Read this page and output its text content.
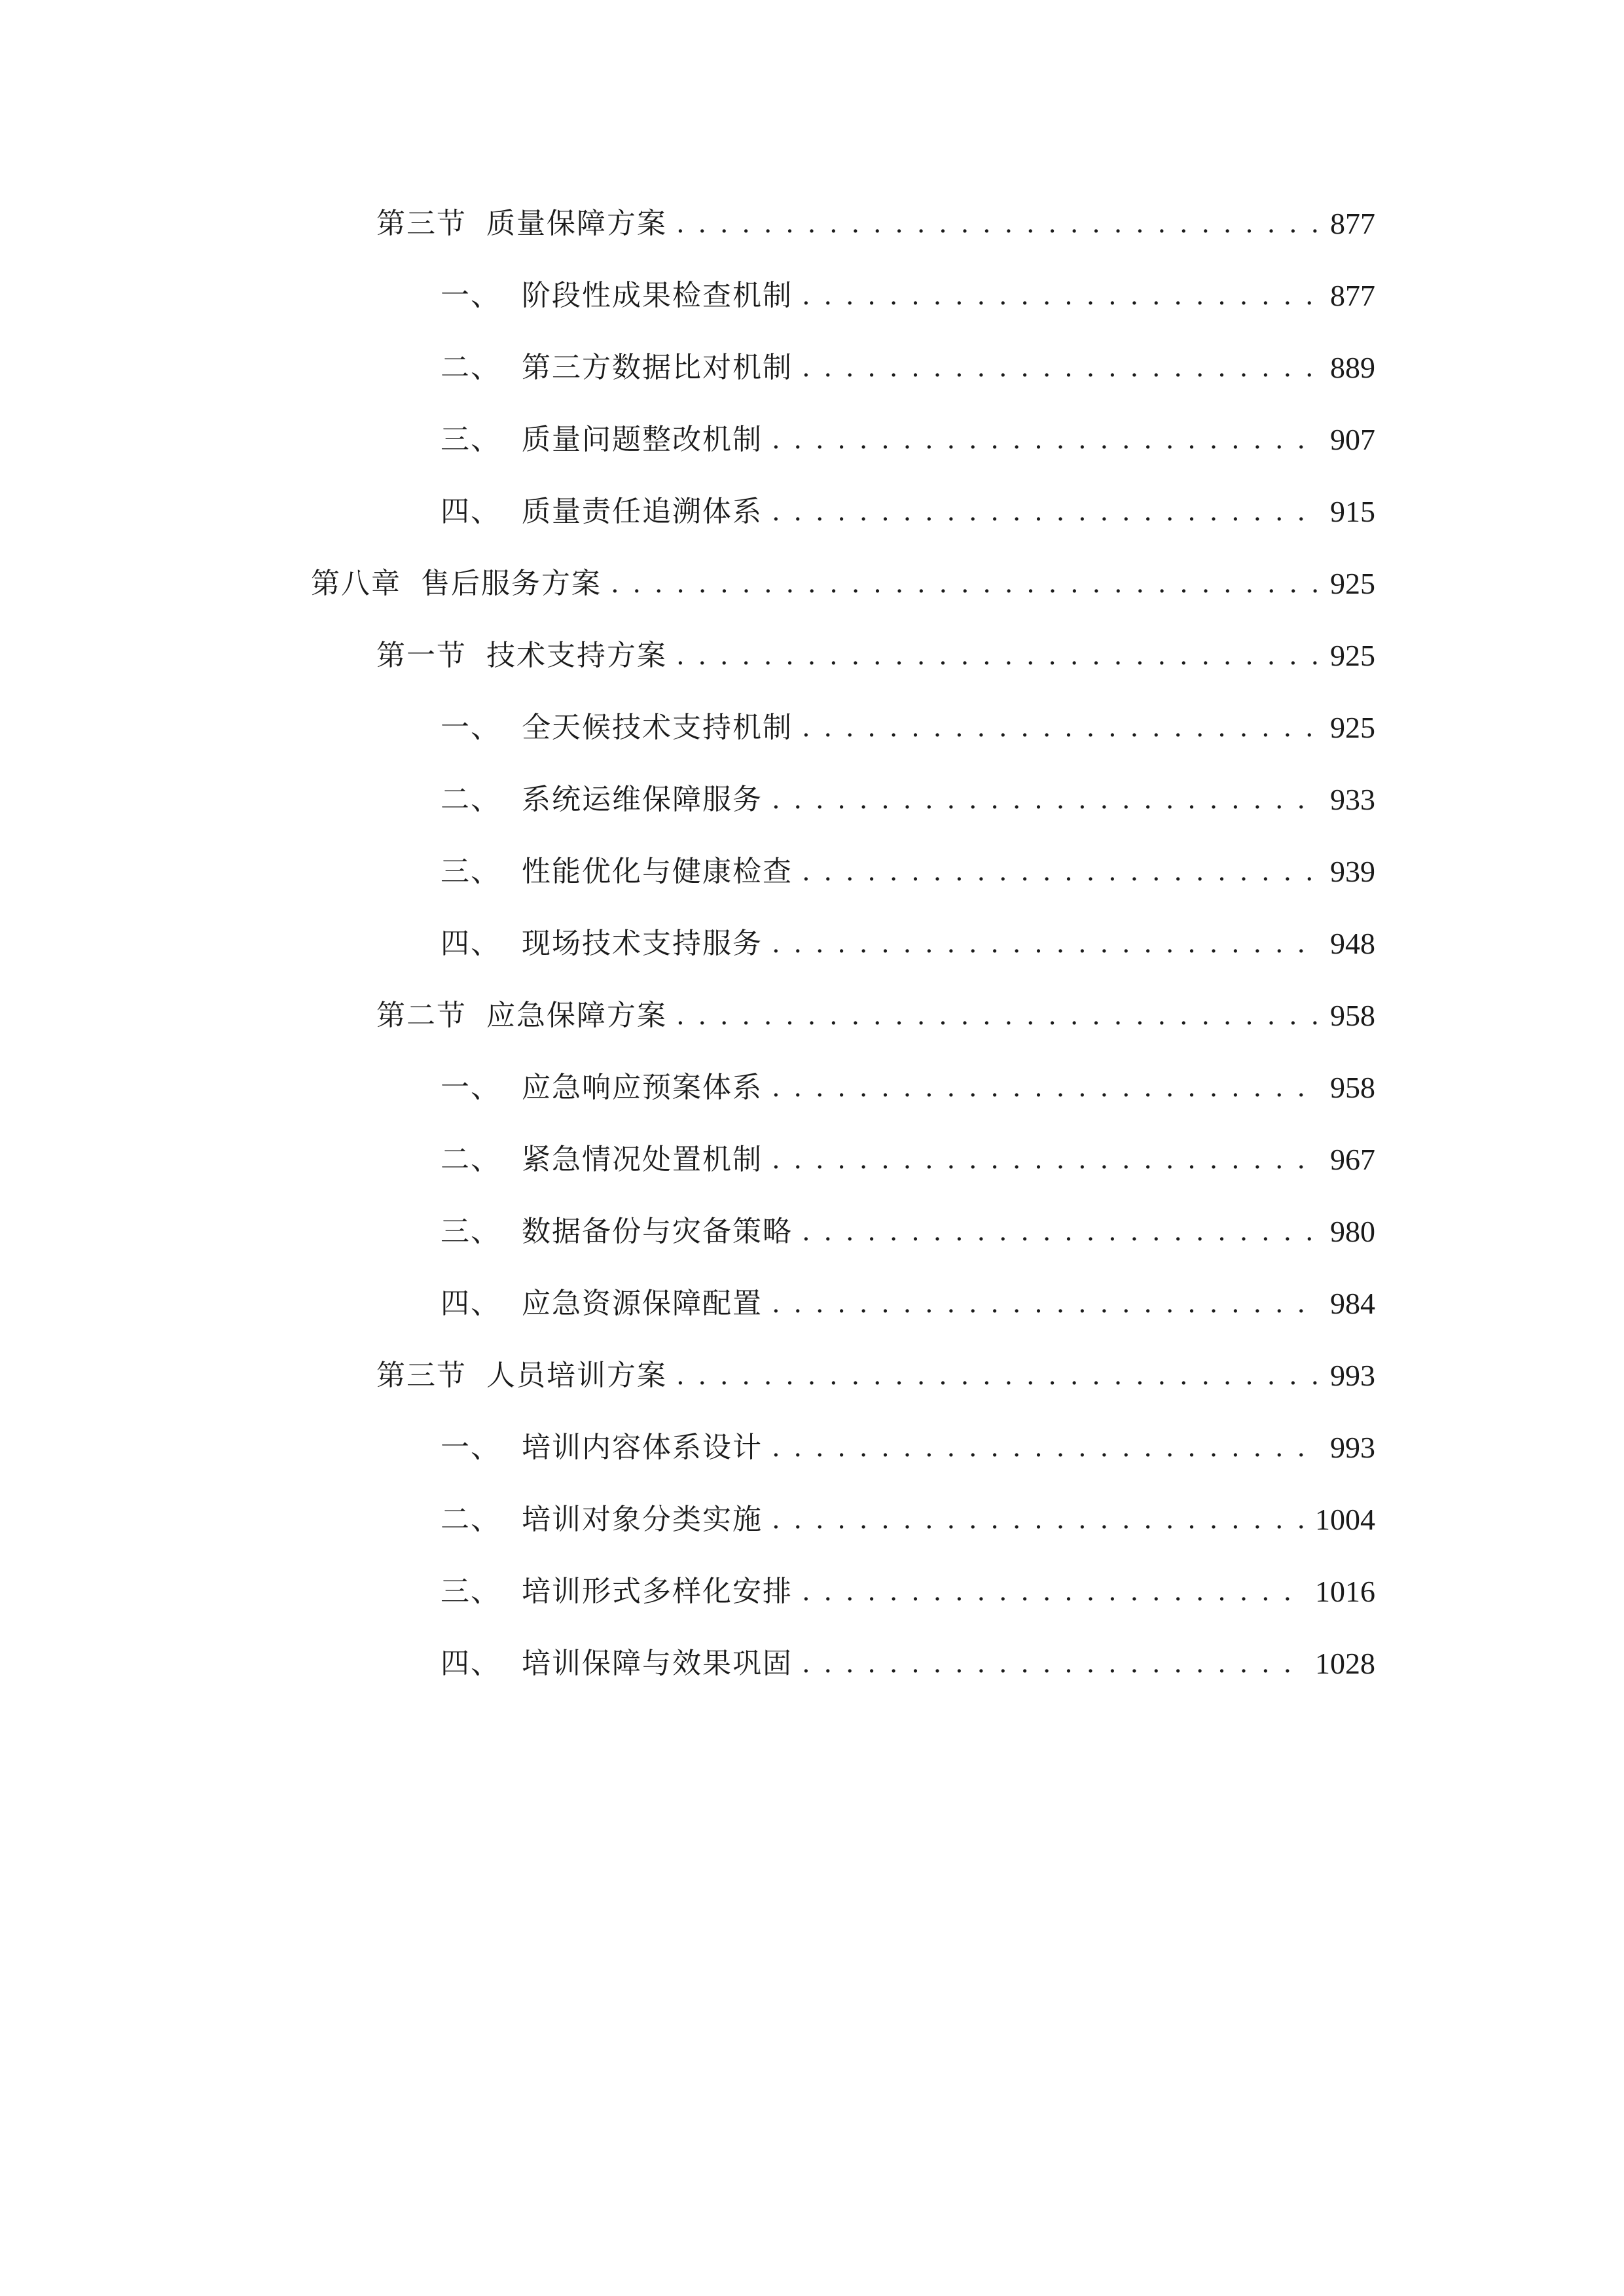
第三节 质量保障方案 . . .	877
一、 阶段性成果检查机制 . . .	877
二、 第三方数据比对机制 . . .	889
三、 质量问题整改机制 . . .	907
四、 质量责任追溯体系 . . .	915
第八章 售后服务方案 . . .	925
第一节 技术支持方案 . . .	925
一、 全天候技术支持机制 . . .	925
二、 系统运维保障服务 . . .	933
三、 性能优化与健康检查 . . .	939
四、 现场技术支持服务 . . .	948
第二节 应急保障方案 . . .	958
一、 应急响应预案体系 . . .	958
二、 紧急情况处置机制 . . .	967
三、 数据备份与灾备策略 . . .	980
四、 应急资源保障配置 . . .	984
第三节 人员培训方案 . . .	993
一、 培训内容体系设计 . . .	993
二、 培训对象分类实施 . . .	1004
三、 培训形式多样化安排 . . .	1016
四、 培训保障与效果巩固 . . .	1028
